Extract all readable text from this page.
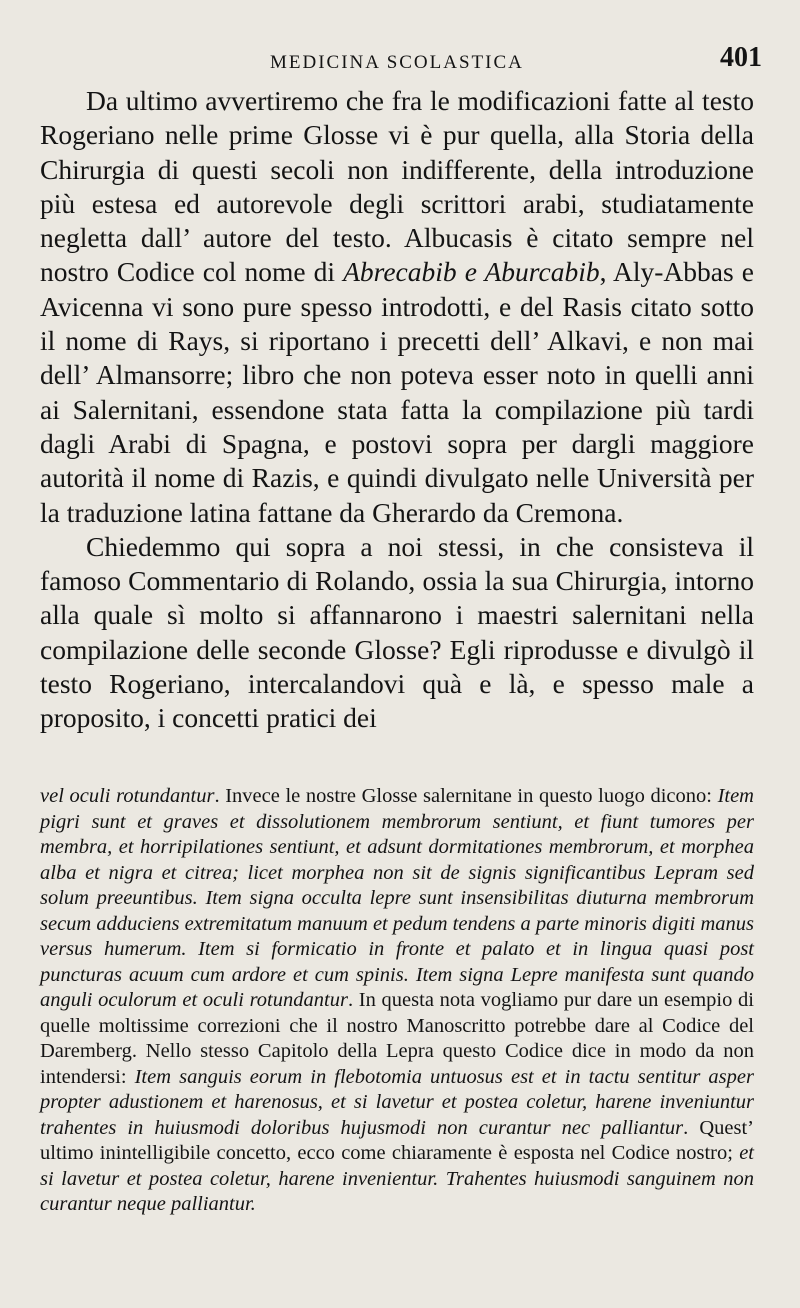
MEDICINA SCOLASTICA	401

Da ultimo avvertiremo che fra le modificazioni fatte al testo Rogeriano nelle prime Glosse vi è pur quella, alla Storia della Chirurgia di questi secoli non indifferente, della introduzione più estesa ed autorevole degli scrittori arabi, studiatamente negletta dall’ autore del testo. Albucasis è citato sempre nel nostro Codice col nome di Abrecabib e Aburcabib, Aly-Abbas e Avicenna vi sono pure spesso introdotti, e del Rasis citato sotto il nome di Rays, si riportano i precetti dell’ Alkavi, e non mai dell’ Almansorre; libro che non poteva esser noto in quelli anni ai Salernitani, essendone stata fatta la compilazione più tardi dagli Arabi di Spagna, e postovi sopra per dargli maggiore autorità il nome di Razis, e quindi divulgato nelle Università per la traduzione latina fattane da Gherardo da Cremona.

Chiedemmo qui sopra a noi stessi, in che consisteva il famoso Commentario di Rolando, ossia la sua Chirurgia, intorno alla quale sì molto si affannarono i maestri salernitani nella compilazione delle seconde Glosse? Egli riprodusse e divulgò il testo Rogeriano, intercalandovi quà e là, e spesso male a proposito, i concetti pratici dei

vel oculi rotundantur. Invece le nostre Glosse salernitane in questo luogo dicono: Item pigri sunt et graves et dissolutionem membrorum sentiunt, et fiunt tumores per membra, et horripilationes sentiunt, et adsunt dormitationes membrorum, et morphea alba et nigra et citrea; licet morphea non sit de signis significantibus Lepram sed solum preeuntibus. Item signa occulta lepre sunt insensibilitas diuturna membrorum secum adduciens extremitatum manuum et pedum tendens a parte minoris digiti manus versus humerum. Item si formicatio in fronte et palato et in lingua quasi post puncturas acuum cum ardore et cum spinis. Item signa Lepre manifesta sunt quando anguli oculorum et oculi rotundantur. In questa nota vogliamo pur dare un esempio di quelle moltissime correzioni che il nostro Manoscritto potrebbe dare al Codice del Daremberg. Nello stesso Capitolo della Lepra questo Codice dice in modo da non intendersi: Item sanguis eorum in flebotomia untuosus est et in tactu sentitur asper propter adustionem et harenosus, et si lavetur et postea coletur, harene inveniuntur trahentes in huiusmodi doloribus hujusmodi non curantur nec palliantur. Quest’ ultimo inintelligibile concetto, ecco come chiaramente è esposta nel Codice nostro; et si lavetur et postea coletur, harene invenientur. Trahentes huiusmodi sanguinem non curantur neque palliantur.
